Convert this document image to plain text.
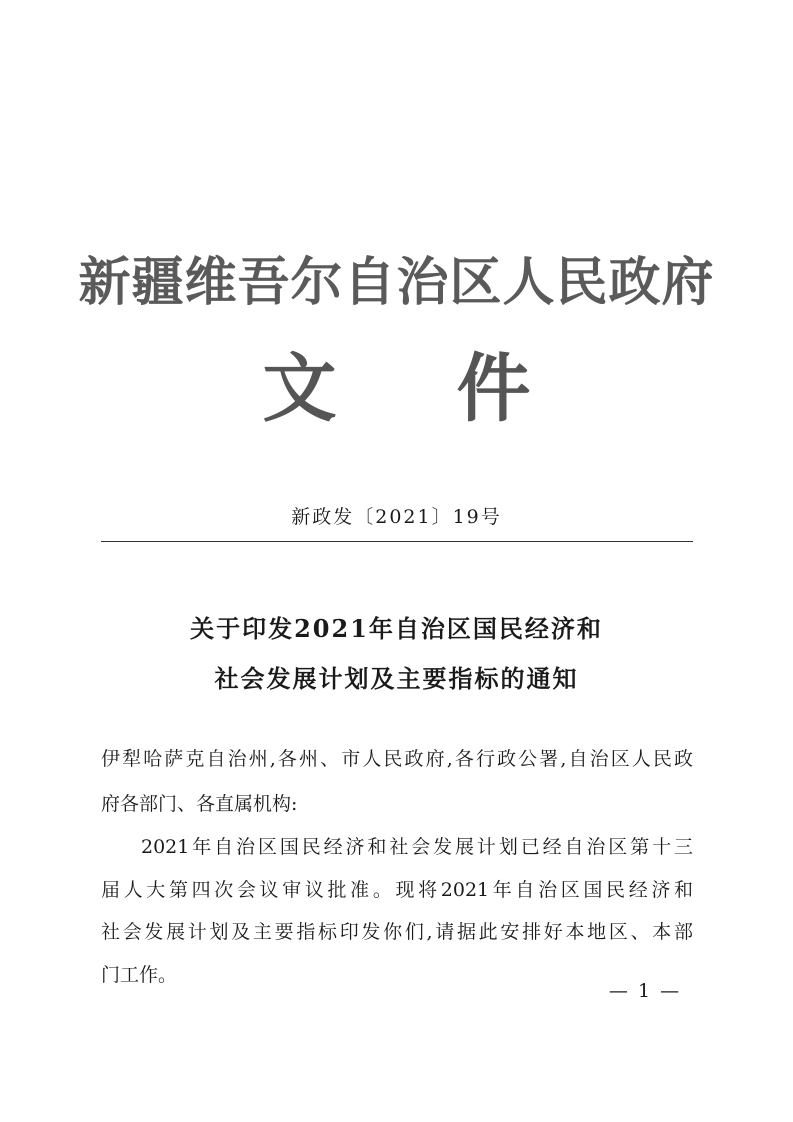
新疆维吾尔自治区人民政府
文件
新政发〔2021〕19号
关于印发2021年自治区国民经济和
社会发展计划及主要指标的通知
伊犁哈萨克自治州,各州、市人民政府,各行政公署,自治区人民政
府各部门、各直属机构:
2021年自治区国民经济和社会发展计划已经自治区第十三
届人大第四次会议审议批准。现将2021年自治区国民经济和
社会发展计划及主要指标印发你们,请据此安排好本地区、本部
门工作。
— 1 —
